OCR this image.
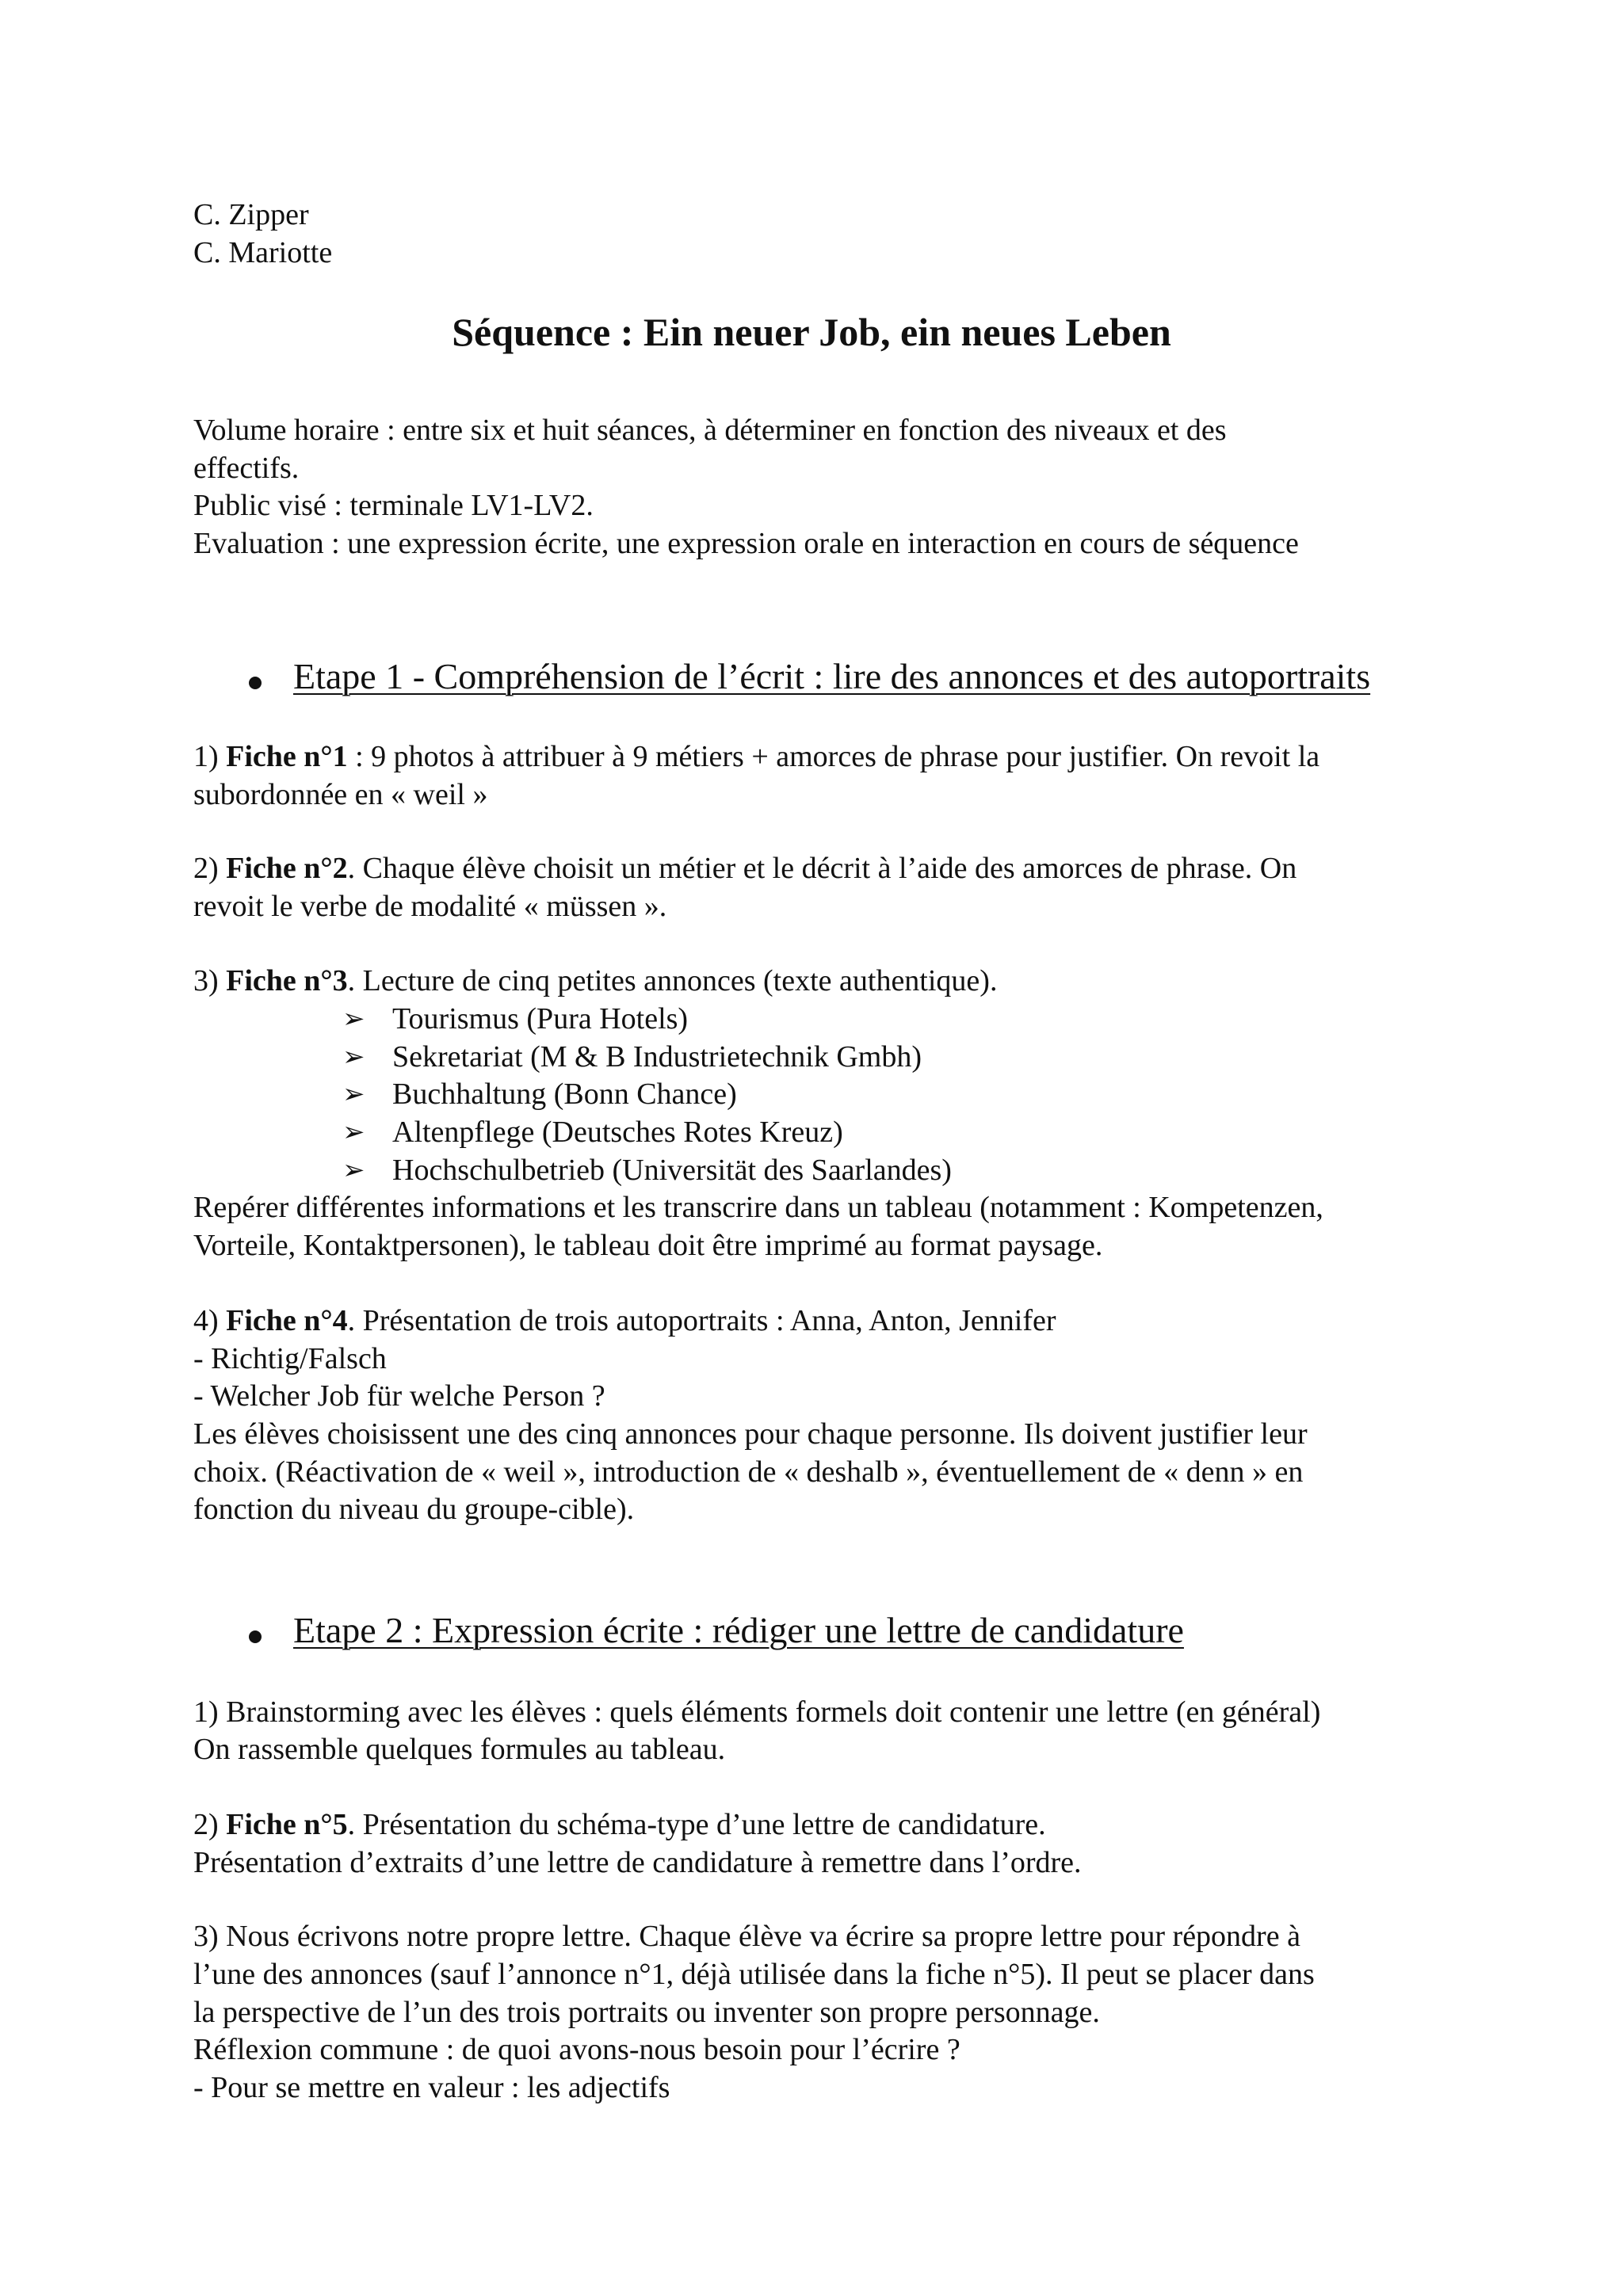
C. Zipper
C. Mariotte
Séquence : Ein neuer Job, ein neues Leben
Volume horaire : entre six et huit séances, à déterminer en fonction des niveaux et des
effectifs.
Public visé : terminale LV1-LV2.
Evaluation : une expression écrite, une expression orale en interaction en cours de séquence
Etape 1 - Compréhension de l’écrit : lire des annonces et des autoportraits
1) Fiche n°1 : 9 photos à attribuer à 9 métiers + amorces de phrase pour justifier. On revoit la
subordonnée en « weil »
2) Fiche n°2. Chaque élève choisit un métier et le décrit à l’aide des amorces de phrase. On
revoit le verbe de modalité « müssen ».
3) Fiche n°3. Lecture de cinq petites annonces (texte authentique).
➢ Tourismus (Pura Hotels)
➢ Sekretariat (M & B Industrietechnik Gmbh)
➢ Buchhaltung (Bonn Chance)
➢ Altenpflege (Deutsches Rotes Kreuz)
➢ Hochschulbetrieb (Universität des Saarlandes)
Repérer différentes informations et les transcrire dans un tableau (notamment : Kompetenzen,
Vorteile, Kontaktpersonen), le tableau doit être imprimé au format paysage.
4) Fiche n°4. Présentation de trois autoportraits : Anna, Anton, Jennifer
- Richtig/Falsch
- Welcher Job für welche Person ?
Les élèves choisissent une des cinq annonces pour chaque personne. Ils doivent justifier leur
choix. (Réactivation de « weil », introduction de « deshalb », éventuellement de « denn » en
fonction du niveau du groupe-cible).
Etape 2 : Expression écrite : rédiger une lettre de candidature
1) Brainstorming avec les élèves : quels éléments formels doit contenir une lettre (en général)
On rassemble quelques formules au tableau.
2) Fiche n°5. Présentation du schéma-type d’une lettre de candidature.
Présentation d’extraits d’une lettre de candidature à remettre dans l’ordre.
3) Nous écrivons notre propre lettre. Chaque élève va écrire sa propre lettre pour répondre à
l’une des annonces (sauf l’annonce n°1, déjà utilisée dans la fiche n°5). Il peut se placer dans
la perspective de l’un des trois portraits ou inventer son propre personnage.
Réflexion commune : de quoi avons-nous besoin pour l’écrire ?
- Pour se mettre en valeur : les adjectifs
